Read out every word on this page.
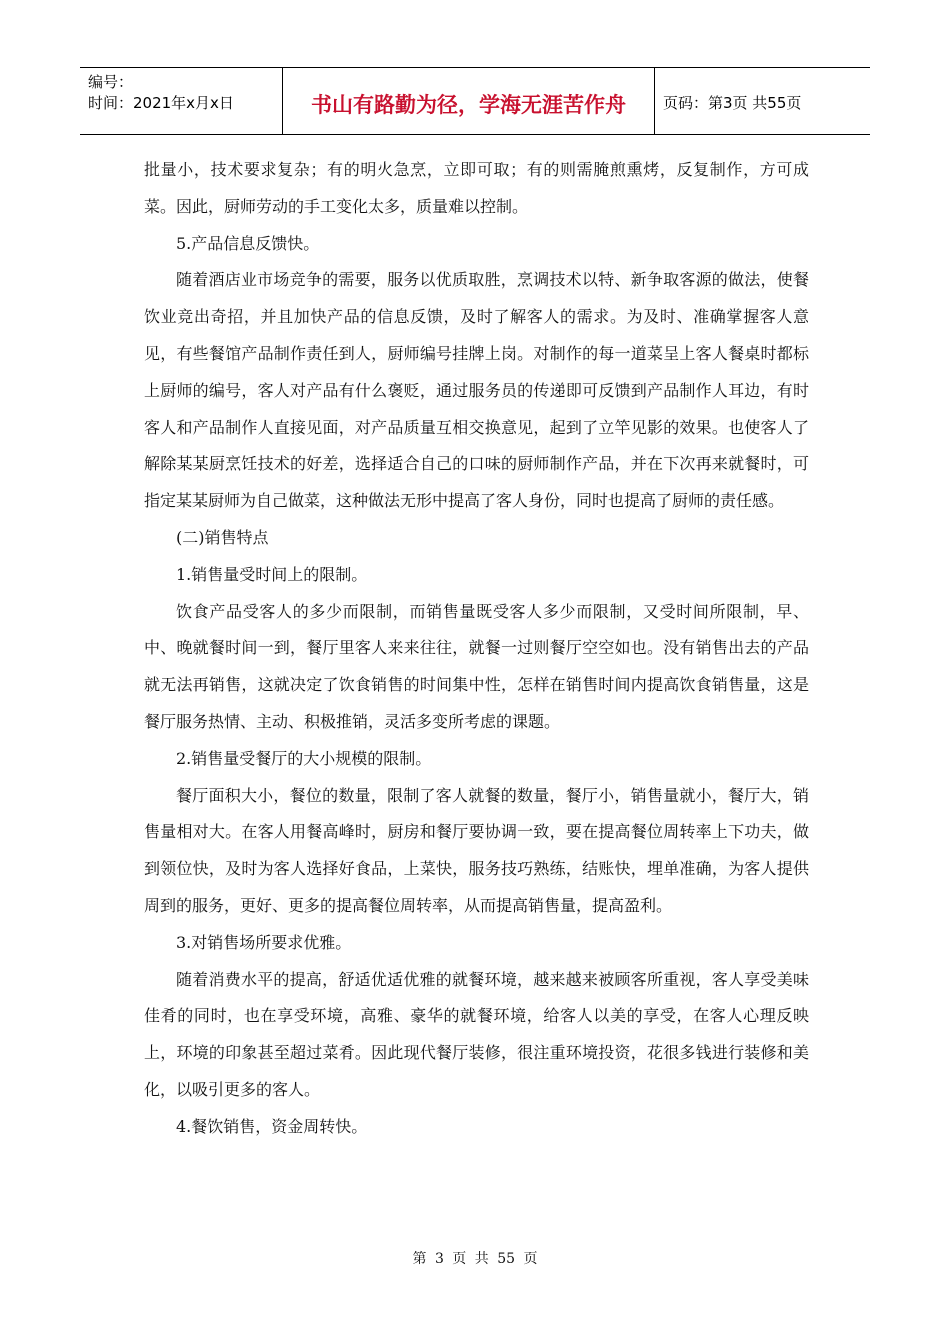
编号：
时间：2021年x月x日	书山有路勤为径，学海无涯苦作舟	页码：第3页 共55页

批量小，技术要求复杂；有的明火急烹，立即可取；有的则需腌煎熏烤，反复制作，方可成菜。因此，厨师劳动的手工变化太多，质量难以控制。

5.产品信息反馈快。

随着酒店业市场竞争的需要，服务以优质取胜，烹调技术以特、新争取客源的做法，使餐饮业竞出奇招，并且加快产品的信息反馈，及时了解客人的需求。为及时、准确掌握客人意见，有些餐馆产品制作责任到人，厨师编号挂牌上岗。对制作的每一道菜呈上客人餐桌时都标上厨师的编号，客人对产品有什么褒贬，通过服务员的传递即可反馈到产品制作人耳边，有时客人和产品制作人直接见面，对产品质量互相交换意见，起到了立竿见影的效果。也使客人了解除某某厨烹饪技术的好差，选择适合自己的口味的厨师制作产品，并在下次再来就餐时，可指定某某厨师为自己做菜，这种做法无形中提高了客人身份，同时也提高了厨师的责任感。

(二)销售特点

1.销售量受时间上的限制。

饮食产品受客人的多少而限制，而销售量既受客人多少而限制，又受时间所限制，早、中、晚就餐时间一到，餐厅里客人来来往往，就餐一过则餐厅空空如也。没有销售出去的产品就无法再销售，这就决定了饮食销售的时间集中性，怎样在销售时间内提高饮食销售量，这是餐厅服务热情、主动、积极推销，灵活多变所考虑的课题。

2.销售量受餐厅的大小规模的限制。

餐厅面积大小，餐位的数量，限制了客人就餐的数量，餐厅小，销售量就小，餐厅大，销售量相对大。在客人用餐高峰时，厨房和餐厅要协调一致，要在提高餐位周转率上下功夫，做到领位快，及时为客人选择好食品，上菜快，服务技巧熟练，结账快，埋单准确，为客人提供周到的服务，更好、更多的提高餐位周转率，从而提高销售量，提高盈利。

3.对销售场所要求优雅。

随着消费水平的提高，舒适优适优雅的就餐环境，越来越来被顾客所重视，客人享受美味佳肴的同时，也在享受环境，高雅、豪华的就餐环境，给客人以美的享受，在客人心理反映上，环境的印象甚至超过菜肴。因此现代餐厅装修，很注重环境投资，花很多钱进行装修和美化，以吸引更多的客人。

4.餐饮销售，资金周转快。

第 3 页 共 55 页
